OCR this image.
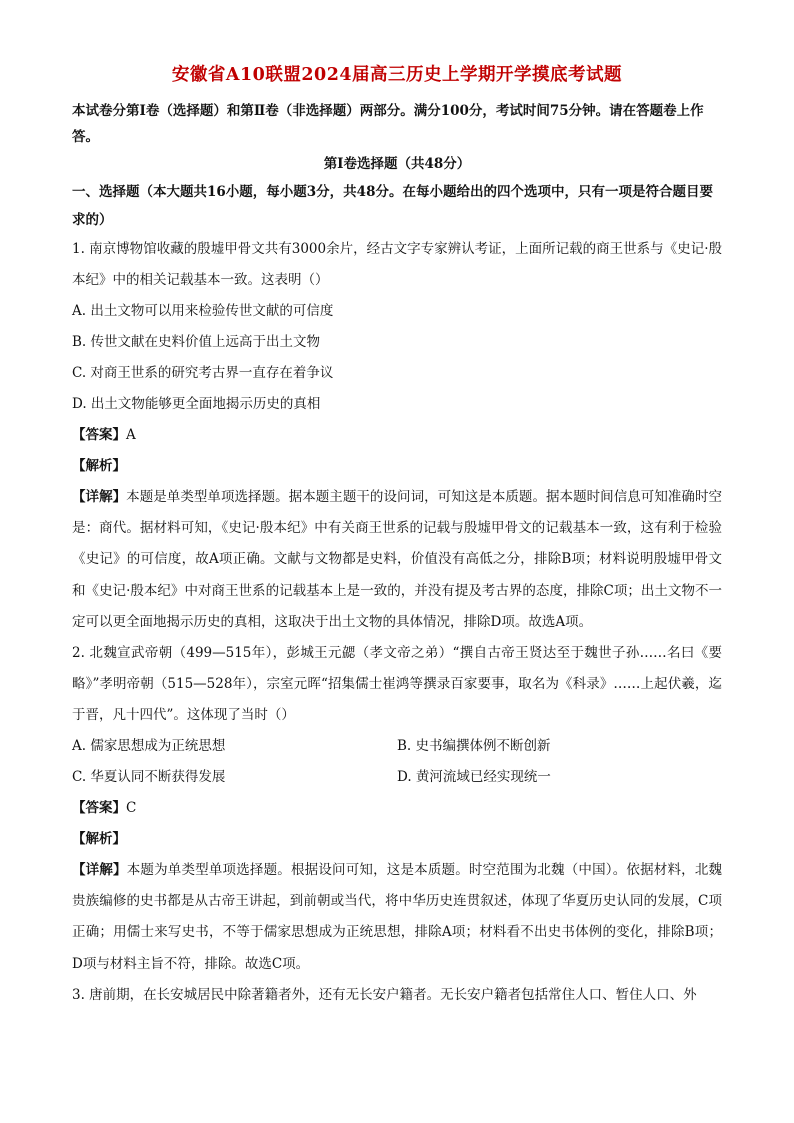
安徽省A10联盟2024届高三历史上学期开学摸底考试题

本试卷分第Ⅰ卷（选择题）和第Ⅱ卷（非选择题）两部分。满分100分，考试时间75分钟。请在答题卷上作答。

第Ⅰ卷选择题（共48分）

一、选择题（本大题共16小题，每小题3分，共48分。在每小题给出的四个选项中，只有一项是符合题目要求的）

1. 南京博物馆收藏的殷墟甲骨文共有3000余片，经古文字专家辨认考证，上面所记载的商王世系与《史记·殷本纪》中的相关记载基本一致。这表明（）

A. 出土文物可以用来检验传世文献的可信度

B. 传世文献在史料价值上远高于出土文物

C. 对商王世系的研究考古界一直存在着争议

D. 出土文物能够更全面地揭示历史的真相

【答案】A

【解析】

【详解】本题是单类型单项选择题。据本题主题干的设问词，可知这是本质题。据本题时间信息可知准确时空是：商代。据材料可知，《史记·殷本纪》中有关商王世系的记载与殷墟甲骨文的记载基本一致，这有利于检验《史记》的可信度，故A项正确。文献与文物都是史料，价值没有高低之分，排除B项；材料说明殷墟甲骨文和《史记·殷本纪》中对商王世系的记载基本上是一致的，并没有提及考古界的态度，排除C项；出土文物不一定可以更全面地揭示历史的真相，这取决于出土文物的具体情况，排除D项。故选A项。

2. 北魏宣武帝朝（499—515年），彭城王元勰（孝文帝之弟）“撰自古帝王贤达至于魏世子孙……名曰《要略》”孝明帝朝（515—528年），宗室元晖“招集儒士崔鸿等撰录百家要事，取名为《科录》……上起伏羲，迄于晋，凡十四代”。这体现了当时（）

A. 儒家思想成为正统思想	B. 史书编撰体例不断创新
C. 华夏认同不断获得发展	D. 黄河流域已经实现统一

【答案】C

【解析】

【详解】本题为单类型单项选择题。根据设问可知，这是本质题。时空范围为北魏（中国）。依据材料，北魏贵族编修的史书都是从古帝王讲起，到前朝或当代，将中华历史连贯叙述，体现了华夏历史认同的发展，C项正确；用儒士来写史书，不等于儒家思想成为正统思想，排除A项；材料看不出史书体例的变化，排除B项；D项与材料主旨不符，排除。故选C项。

3. 唐前期，在长安城居民中除著籍者外，还有无长安户籍者。无长安户籍者包括常住人口、暂住人口、外
